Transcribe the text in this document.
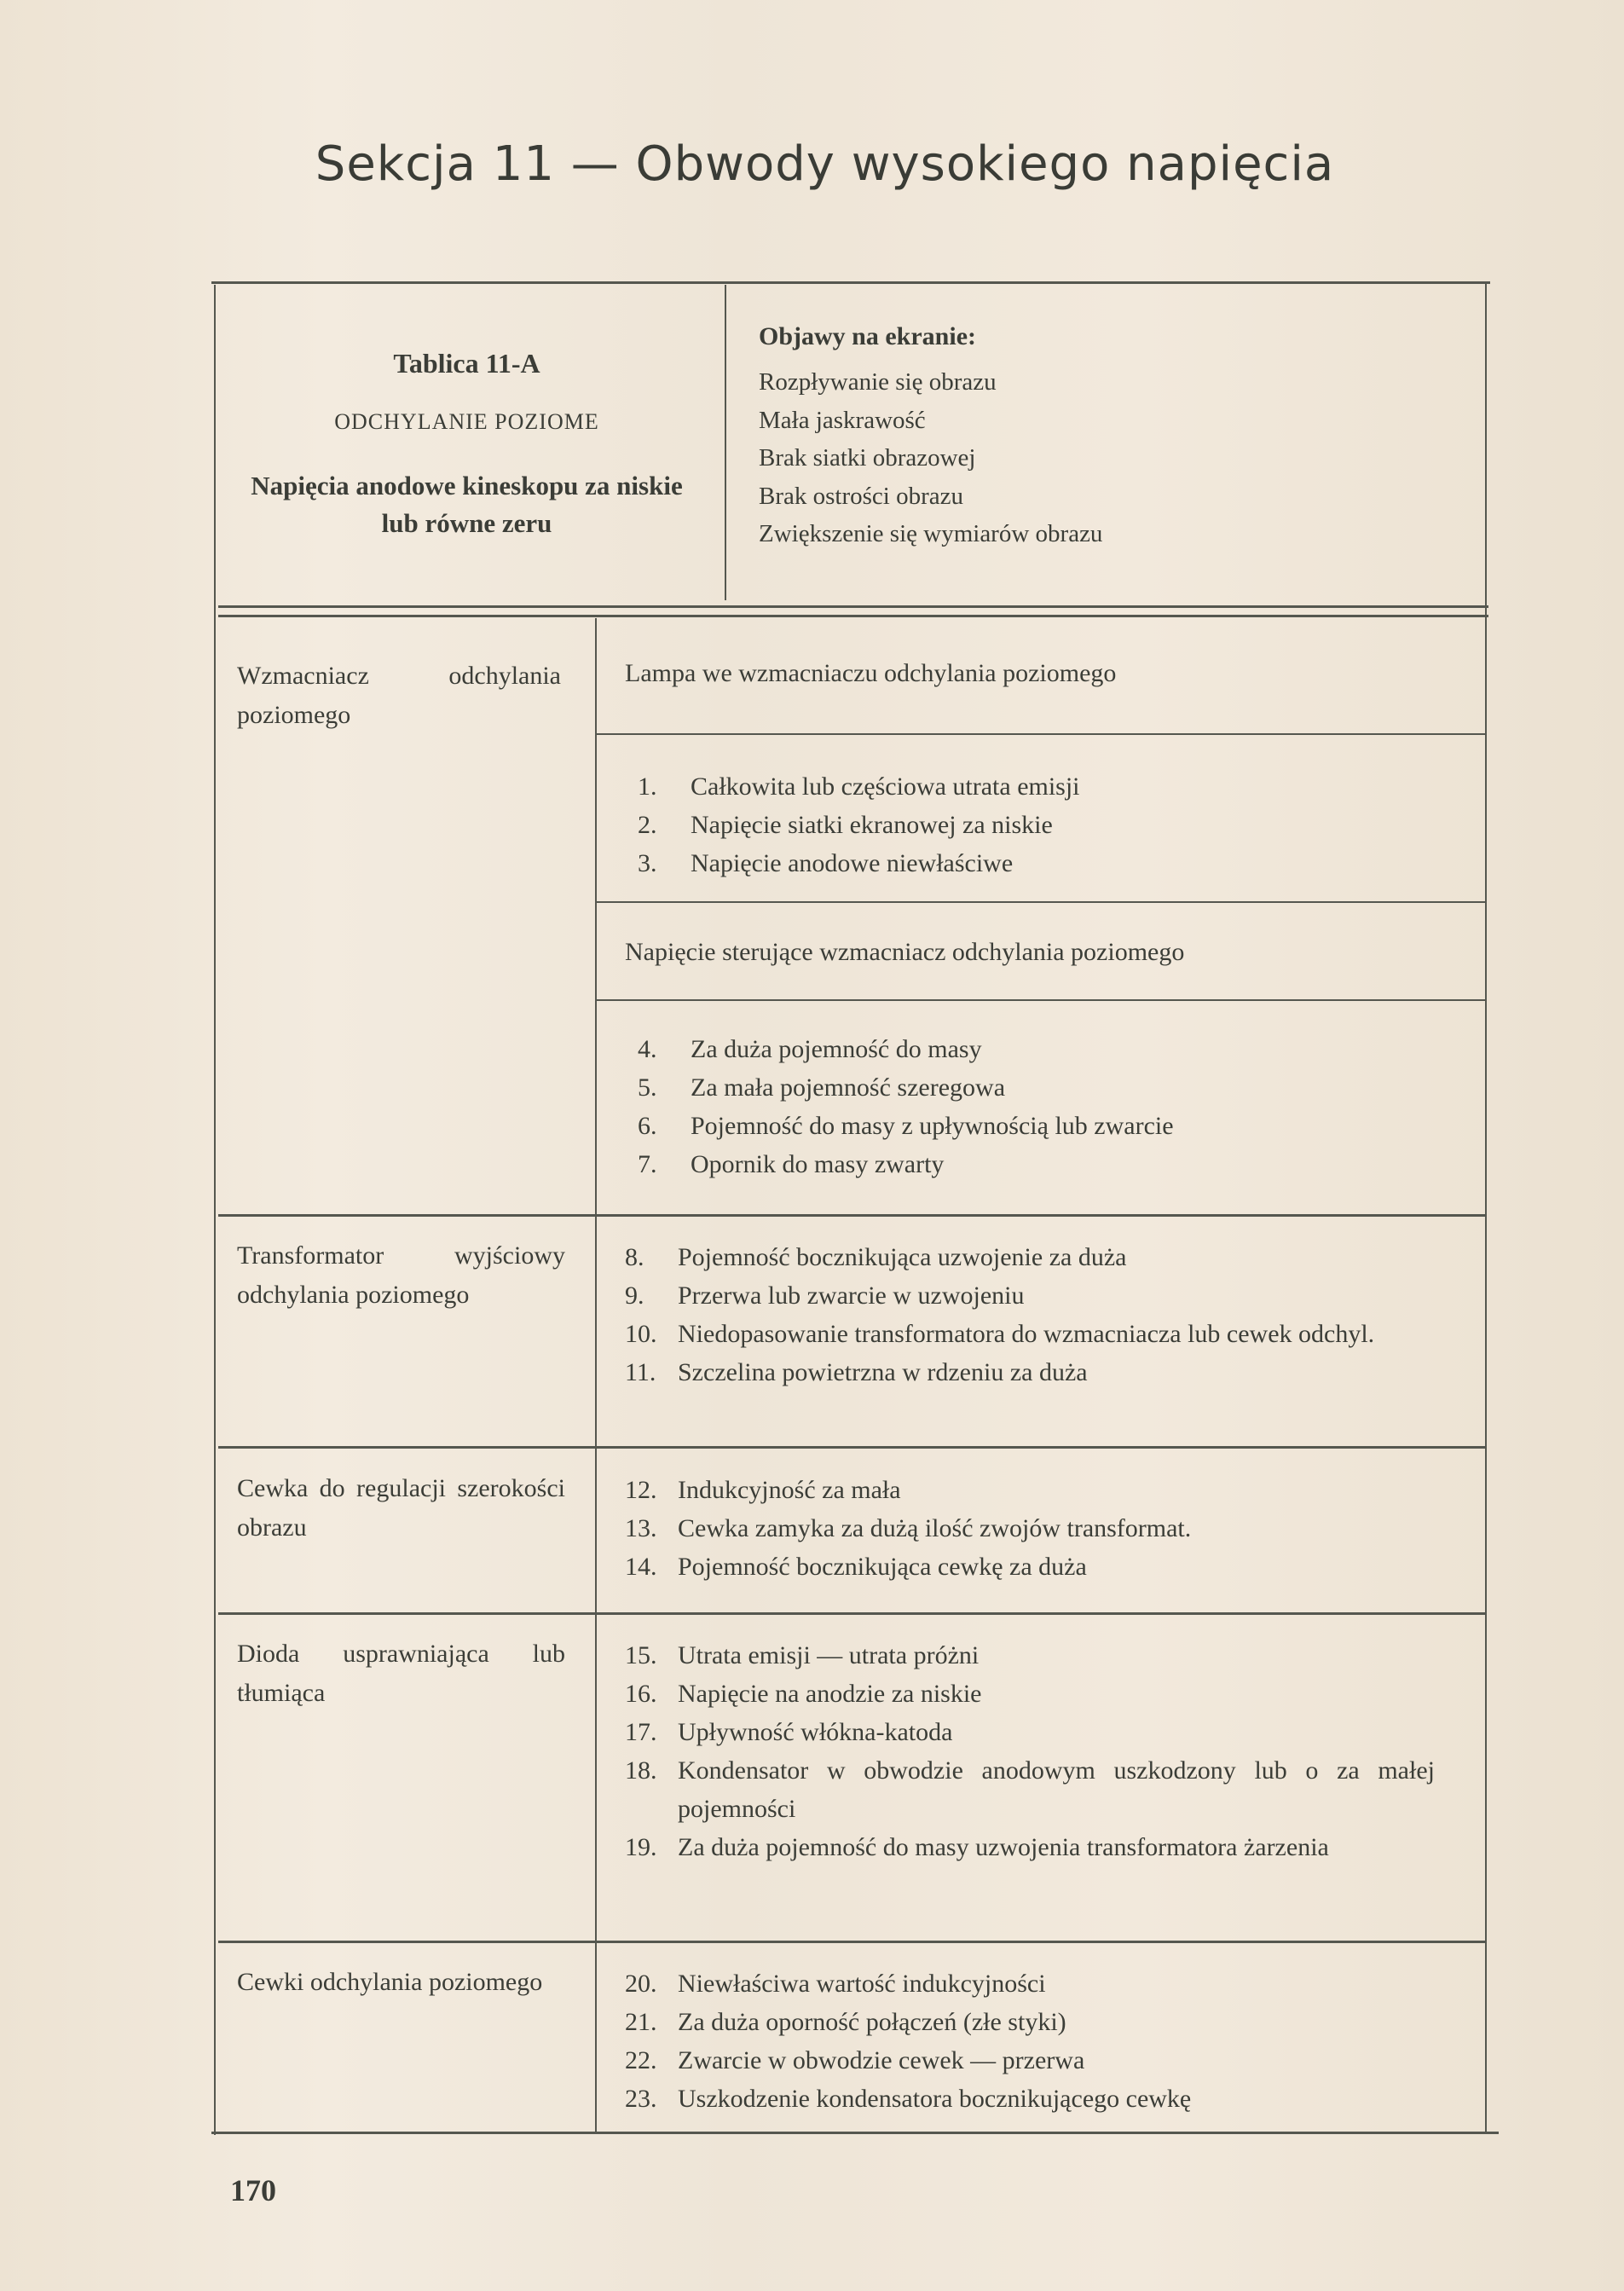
Sekcja 11 — Obwody wysokiego napięcia
Tablica 11-A
ODCHYLANIE POZIOME
Napięcia anodowe kineskopu za niskie lub równe zeru
Objawy na ekranie:
Rozpływanie się obrazu
Mała jaskrawość
Brak siatki obrazowej
Brak ostrości obrazu
Zwiększenie się wymiarów obrazu
Wzmacniacz odchylania poziomego
Lampa we wzmacniaczu odchylania poziomego
1.	Całkowita lub częściowa utrata emisji
2.	Napięcie siatki ekranowej za niskie
3.	Napięcie anodowe niewłaściwe
Napięcie sterujące wzmacniacz odchylania poziomego
4.	Za duża pojemność do masy
5.	Za mała pojemność szeregowa
6.	Pojemność do masy z upływnością lub zwarcie
7.	Opornik do masy zwarty
Transformator wyjściowy odchylania poziomego
8.	Pojemność bocznikująca uzwojenie za duża
9.	Przerwa lub zwarcie w uzwojeniu
10. Niedopasowanie transformatora do wzmacniacza lub cewek odchyl.
11. Szczelina powietrzna w rdzeniu za duża
Cewka do regulacji szerokości obrazu
12. Indukcyjność za mała
13. Cewka zamyka za dużą ilość zwojów transformat.
14. Pojemność bocznikująca cewkę za duża
Dioda usprawniająca lub tłumiąca
15. Utrata emisji — utrata próżni
16. Napięcie na anodzie za niskie
17. Upływność włókna-katoda
18. Kondensator w obwodzie anodowym uszkodzony lub o za małej pojemności
19. Za duża pojemność do masy uzwojenia transformatora żarzenia
Cewki odchylania poziomego	20. Niewłaściwa wartość indukcyjności
21. Za duża oporność połączeń (złe styki)
22. Zwarcie w obwodzie cewek — przerwa
23. Uszkodzenie kondensatora bocznikującego cewkę
170
